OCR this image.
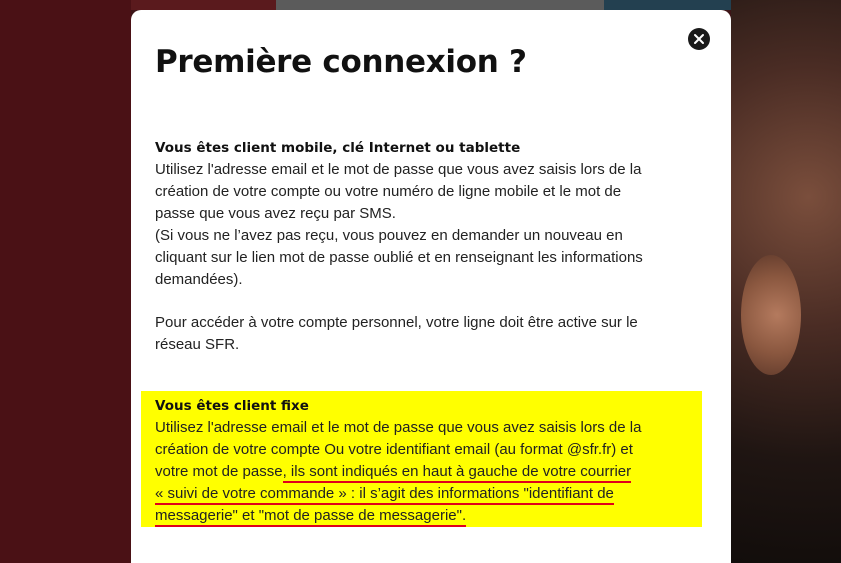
Première connexion ?

Vous êtes client mobile, clé Internet ou tablette

Utilisez l'adresse email et le mot de passe que vous avez saisis lors de la

création de votre compte ou votre numéro de ligne mobile et le mot de

passe que vous avez reçu par SMS.

(Si vous ne l’avez pas reçu, vous pouvez en demander un nouveau en

cliquant sur le lien mot de passe oublié et en renseignant les informations

demandées).

Pour accéder à votre compte personnel, votre ligne doit être active sur le

réseau SFR.

Vous êtes client fixe

Utilisez l'adresse email et le mot de passe que vous avez saisis lors de la

création de votre compte Ou votre identifiant email (au format @sfr.fr) et

votre mot de passe, ils sont indiqués en haut à gauche de votre courrier

« suivi de votre commande » : il s’agit des informations "identifiant de

messagerie" et "mot de passe de messagerie".
